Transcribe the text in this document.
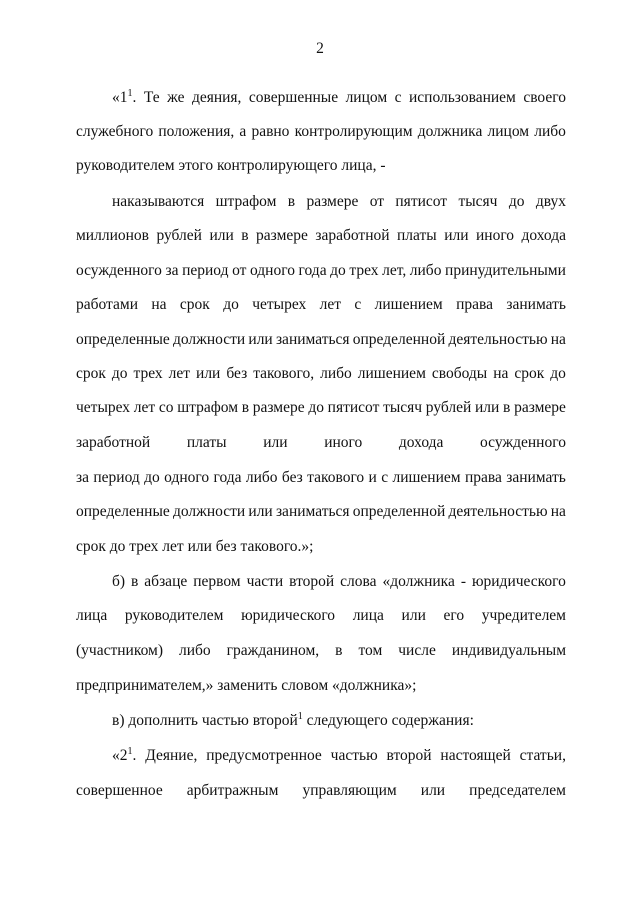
2
«$1^1$. Те же деяния, совершенные лицом с использованием своего
служебного положения, а равно контролирующим должника лицом либо
руководителем этого контролирующего лица, -
наказываются штрафом в размере от пятисот тысяч до двух
миллионов рублей или в размере заработной платы или иного дохода
осужденного за период от одного года до трех лет, либо принудительными
работами на срок до четырех лет с лишением права занимать
определенные должности или заниматься определенной деятельностью на
срок до трех лет или без такового, либо лишением свободы на срок до
четырех лет со штрафом в размере до пятисот тысяч рублей или в размере
заработной платы или иного дохода осужденного
за период до одного года либо без такового и с лишением права занимать
определенные должности или заниматься определенной деятельностью на
срок до трех лет или без такового.»;
б) в абзаце первом части второй слова «должника - юридического
лица руководителем юридического лица или его учредителем
(участником) либо гражданином, в том числе индивидуальным
предпринимателем,» заменить словом «должника»;
в) дополнить частью второй$^1$ следующего содержания:
«$2^1$. Деяние, предусмотренное частью второй настоящей статьи,
совершенное арбитражным управляющим или председателем
